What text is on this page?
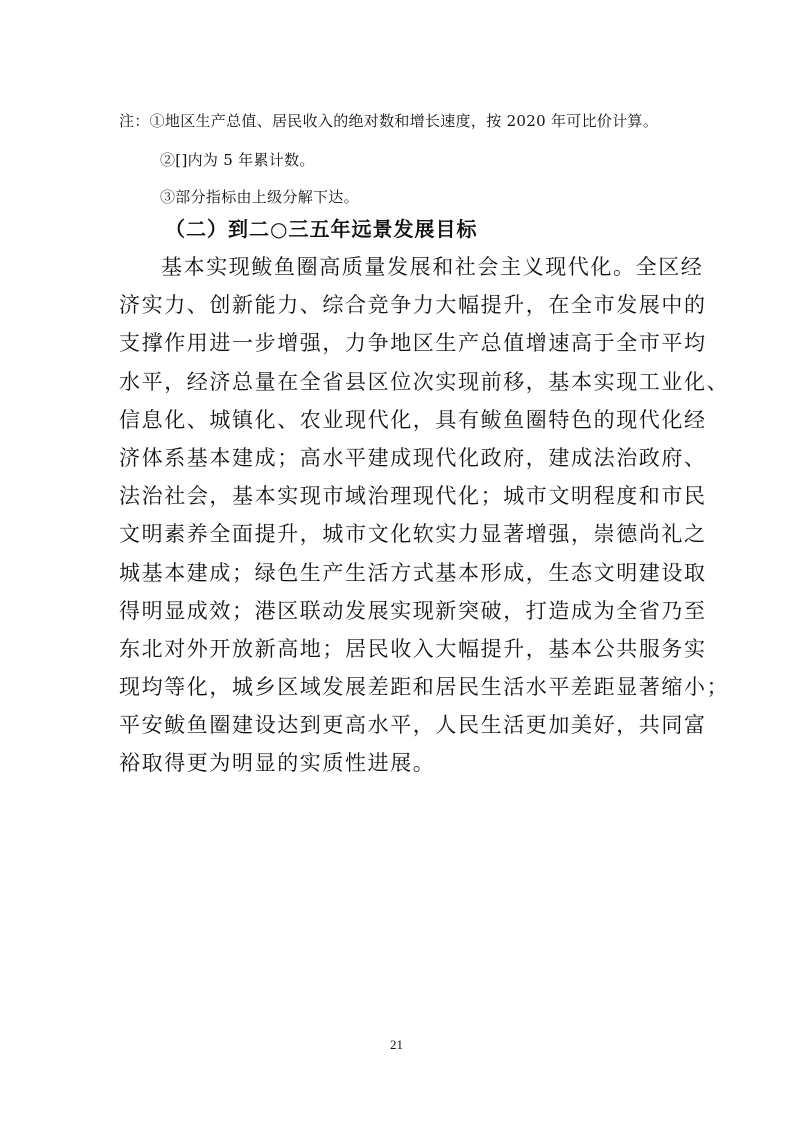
注：①地区生产总值、居民收入的绝对数和增长速度，按 2020 年可比价计算。
②[]内为 5 年累计数。
③部分指标由上级分解下达。
（二）到二○三五年远景发展目标
基本实现鲅鱼圈高质量发展和社会主义现代化。全区经
济实力、创新能力、综合竞争力大幅提升，在全市发展中的
支撑作用进一步增强，力争地区生产总值增速高于全市平均
水平，经济总量在全省县区位次实现前移，基本实现工业化、
信息化、城镇化、农业现代化，具有鲅鱼圈特色的现代化经
济体系基本建成；高水平建成现代化政府，建成法治政府、
法治社会，基本实现市域治理现代化；城市文明程度和市民
文明素养全面提升，城市文化软实力显著增强，崇德尚礼之
城基本建成；绿色生产生活方式基本形成，生态文明建设取
得明显成效；港区联动发展实现新突破，打造成为全省乃至
东北对外开放新高地；居民收入大幅提升，基本公共服务实
现均等化，城乡区域发展差距和居民生活水平差距显著缩小；
平安鲅鱼圈建设达到更高水平，人民生活更加美好，共同富
裕取得更为明显的实质性进展。
21
